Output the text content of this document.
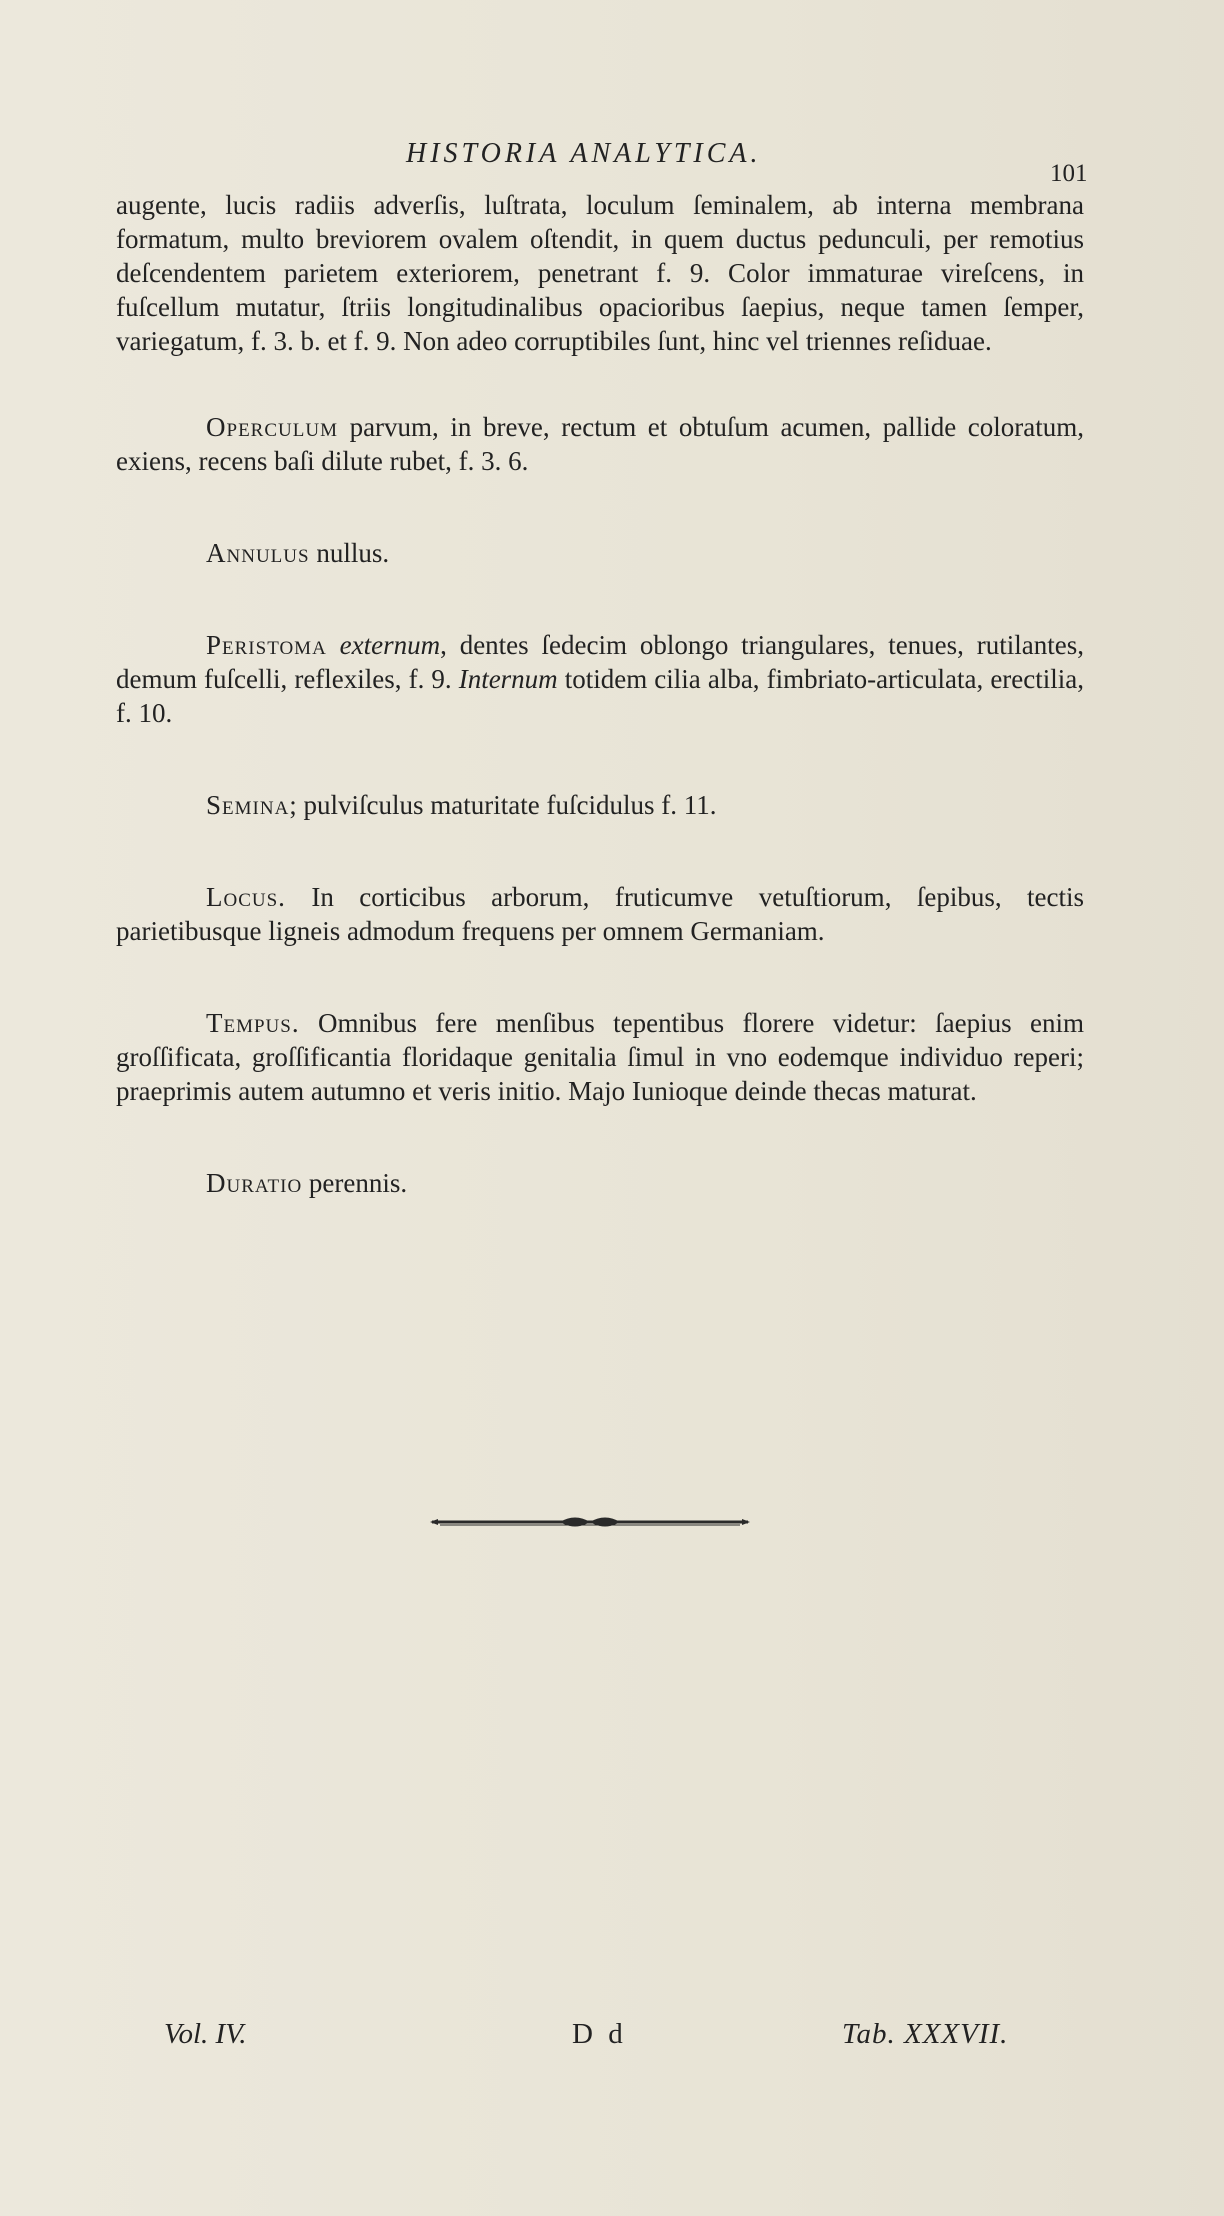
HISTORIA ANALYTICA.
101

augente, lucis radiis adverſis, luſtrata, loculum ſeminalem, ab interna membrana formatum, multo breviorem ovalem oſtendit, in quem ductus pedunculi, per remotius deſcendentem parietem exteriorem, penetrant f. 9. Color immaturae vireſcens, in fuſcellum mutatur, ſtriis longitudinalibus opacioribus ſaepius, neque tamen ſemper, variegatum, f. 3. b. et f. 9. Non adeo corruptibiles ſunt, hinc vel triennes reſiduae.

Operculum parvum, in breve, rectum et obtuſum acumen, pallide coloratum, exiens, recens baſi dilute rubet, f. 3. 6.

Annulus nullus.

Peristoma externum, dentes ſedecim oblongo triangulares, tenues, rutilantes, demum fuſcelli, reflexiles, f. 9. Internum totidem cilia alba, fimbriato-articulata, erectilia, f. 10.

Semina; pulviſculus maturitate fuſcidulus f. 11.

Locus. In corticibus arborum, fruticumve vetuſtiorum, ſepibus, tectis parietibusque ligneis admodum frequens per omnem Germaniam.

Tempus. Omnibus fere menſibus tepentibus florere videtur: ſaepius enim groſſificata, groſſificantia floridaque genitalia ſimul in vno eodemque individuo reperi; praeprimis autem autumno et veris initio. Majo Iunioque deinde thecas maturat.

Duratio perennis.

Vol. IV.	D d	Tab. XXXVII.
